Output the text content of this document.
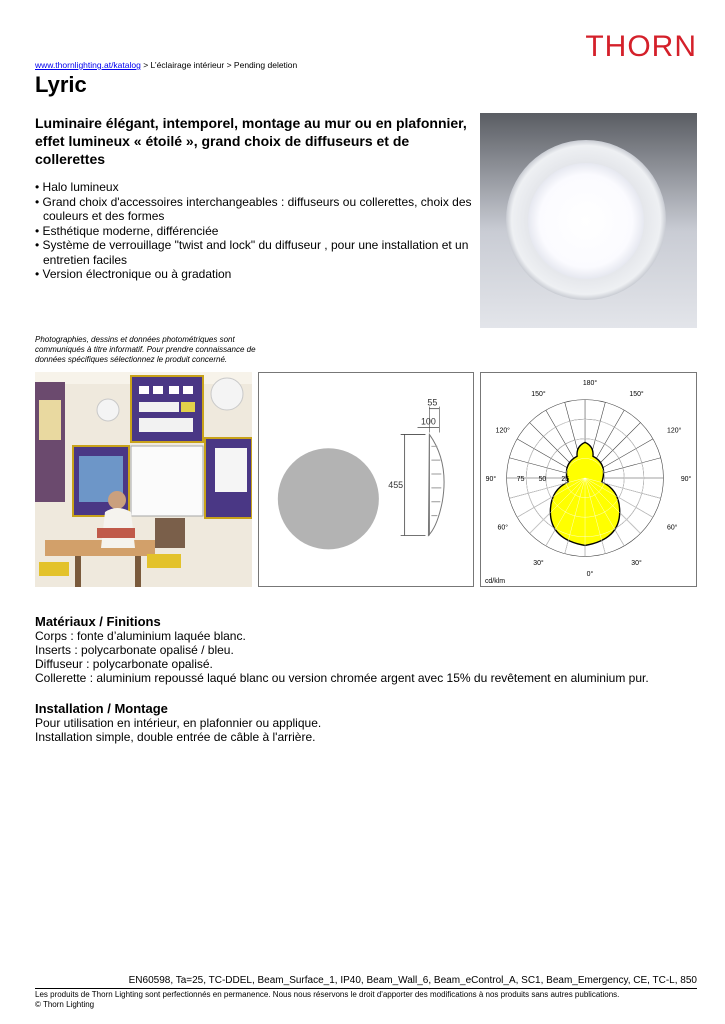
www.thornlighting.at/katalog > L’éclairage intérieur > Pending deletion
THORN
Lyric
Luminaire élégant, intemporel, montage au mur ou en plafonnier, effet lumineux « étoilé », grand choix de diffuseurs et de collerettes
• Halo lumineux
• Grand choix d'accessoires interchangeables : diffuseurs ou collerettes, choix des couleurs et des formes
• Esthétique moderne, différenciée
• Système de verrouillage "twist and lock" du diffuseur , pour une installation et un entretien faciles
• Version électronique ou à gradation
Photographies, dessins et données photométriques sont communiqués à titre informatif. Pour prendre connaissance de données spécifiques sélectionnez le produit concerné.
55
100
455
180°
150°	150°
120°	120°
90°	90°
75 50 25
60°	60°
30°	30°
0°
cd/klm
Matériaux / Finitions
Corps : fonte d’aluminium laquée blanc.
Inserts : polycarbonate opalisé / bleu.
Diffuseur : polycarbonate opalisé.
Collerette : aluminium repoussé laqué blanc ou version chromée argent avec 15% du revêtement en aluminium pur.
Installation / Montage
Pour utilisation en intérieur, en plafonnier ou applique.
Installation simple, double entrée de câble à l'arrière.
EN60598, Ta=25, TC-DDEL, Beam_Surface_1, IP40, Beam_Wall_6, Beam_eControl_A, SC1, Beam_Emergency, CE, TC-L, 850
Les produits de Thorn Lighting sont perfectionnés en permanence. Nous nous réservons le droit d'apporter des modifications à nos produits sans autres publications.
© Thorn Lighting
